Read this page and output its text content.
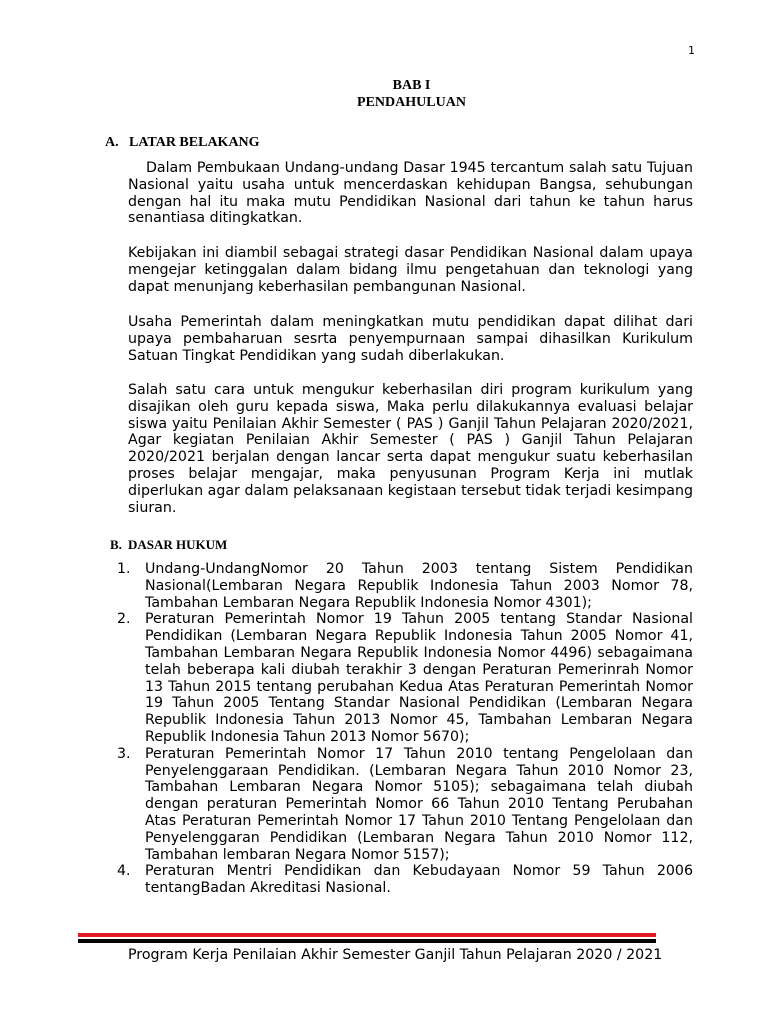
1
BAB I
PENDAHULUAN
A. LATAR BELAKANG

Dalam Pembukaan Undang-undang Dasar 1945 tercantum salah satu Tujuan Nasional yaitu usaha untuk mencerdaskan kehidupan Bangsa, sehubungan dengan hal itu maka mutu Pendidikan Nasional dari tahun ke tahun harus senantiasa ditingkatkan.

Kebijakan ini diambil sebagai strategi dasar Pendidikan Nasional dalam upaya mengejar ketinggalan dalam bidang ilmu pengetahuan dan teknologi yang dapat menunjang keberhasilan pembangunan Nasional.

Usaha Pemerintah dalam meningkatkan mutu pendidikan dapat dilihat dari upaya pembaharuan sesrta penyempurnaan sampai dihasilkan Kurikulum Satuan Tingkat Pendidikan yang sudah diberlakukan.

Salah satu cara untuk mengukur keberhasilan diri program kurikulum yang disajikan oleh guru kepada siswa, Maka perlu dilakukannya evaluasi belajar siswa yaitu Penilaian Akhir Semester ( PAS ) Ganjil Tahun Pelajaran 2020/2021, Agar kegiatan Penilaian Akhir Semester ( PAS ) Ganjil Tahun Pelajaran 2020/2021 berjalan dengan lancar serta dapat mengukur suatu keberhasilan proses belajar mengajar, maka penyusunan Program Kerja ini mutlak diperlukan agar dalam pelaksanaan kegistaan tersebut tidak terjadi kesimpang siuran.

B. DASAR HUKUM
1. Undang-UndangNomor 20 Tahun 2003 tentang Sistem Pendidikan Nasional(Lembaran Negara Republik Indonesia Tahun 2003 Nomor 78, Tambahan Lembaran Negara Republik Indonesia Nomor 4301);
2. Peraturan Pemerintah Nomor 19 Tahun 2005 tentang Standar Nasional Pendidikan (Lembaran Negara Republik Indonesia Tahun 2005 Nomor 41, Tambahan Lembaran Negara Republik Indonesia Nomor 4496) sebagaimana telah beberapa kali diubah terakhir 3 dengan Peraturan Pemerinrah Nomor 13 Tahun 2015 tentang perubahan Kedua Atas Peraturan Pemerintah Nomor 19 Tahun 2005 Tentang Standar Nasional Pendidikan (Lembaran Negara Republik Indonesia Tahun 2013 Nomor 45, Tambahan Lembaran Negara Republik Indonesia Tahun 2013 Nomor 5670);
3. Peraturan Pemerintah Nomor 17 Tahun 2010 tentang Pengelolaan dan Penyelenggaraan Pendidikan. (Lembaran Negara Tahun 2010 Nomor 23, Tambahan Lembaran Negara Nomor 5105); sebagaimana telah diubah dengan peraturan Pemerintah Nomor 66 Tahun 2010 Tentang Perubahan Atas Peraturan Pemerintah Nomor 17 Tahun 2010 Tentang Pengelolaan dan Penyelenggaran Pendidikan (Lembaran Negara Tahun 2010 Nomor 112, Tambahan lembaran Negara Nomor 5157);
4. Peraturan Mentri Pendidikan dan Kebudayaan Nomor 59 Tahun 2006 tentangBadan Akreditasi Nasional.
Program Kerja Penilaian Akhir Semester Ganjil Tahun Pelajaran 2020 / 2021
